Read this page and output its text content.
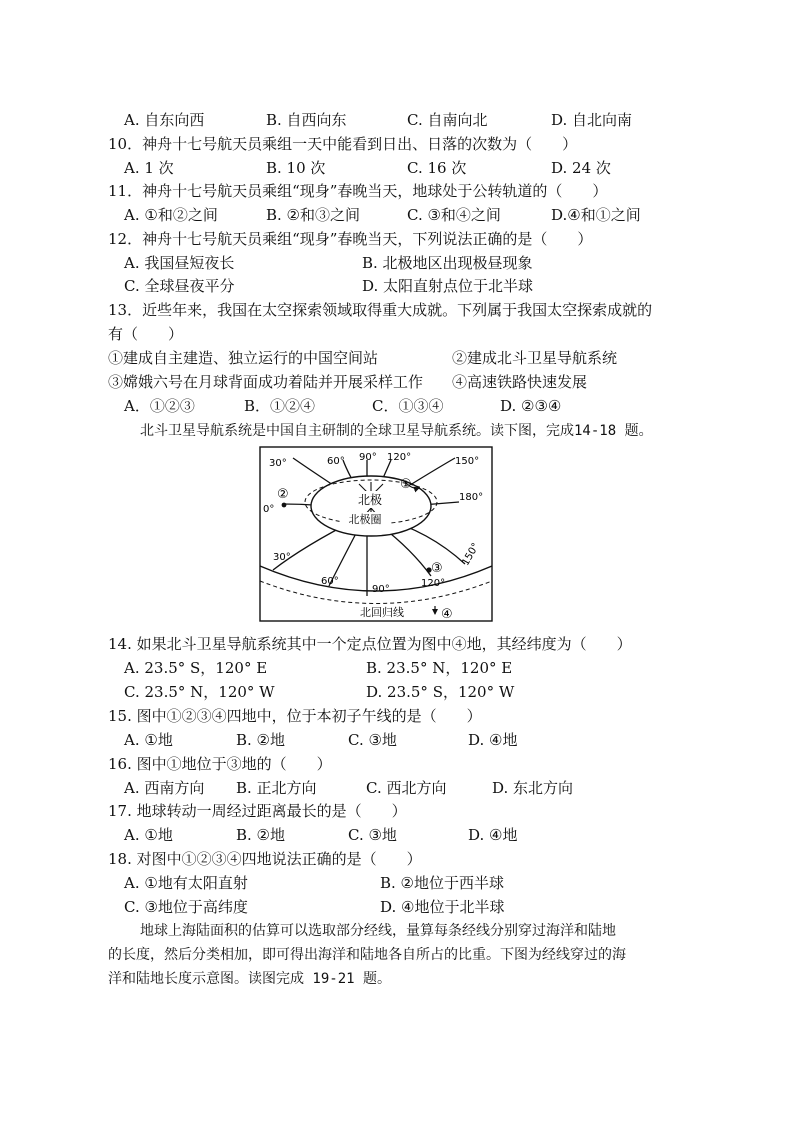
A. 自东向西	B. 自西向东	C. 自南向北	D. 自北向南
10．神舟十七号航天员乘组一天中能看到日出、日落的次数为（　　）
A. 1 次	B. 10 次	C. 16 次	D. 24 次
11．神舟十七号航天员乘组“现身”春晚当天，地球处于公转轨道的（　　）
A. ①和②之间	B. ②和③之间	C. ③和④之间	D.④和①之间
12．神舟十七号航天员乘组“现身”春晚当天，下列说法正确的是（　　）
A. 我国昼短夜长	B. 北极地区出现极昼现象
C. 全球昼夜平分	D. 太阳直射点位于北半球
13．近些年来，我国在太空探索领域取得重大成就。下列属于我国太空探索成就的
有（　　）
①建成自主建造、独立运行的中国空间站	②建成北斗卫星导航系统
③嫦娥六号在月球背面成功着陆并开展采样工作 ④高速铁路快速发展
A．①②③	B．①②④	C．①③④	D. ②③④
北斗卫星导航系统是中国自主研制的全球卫星导航系统。读下图，完成14-18 题。
北极
北极圈
北回归线
30°	60° 90° 120°	150°
180°
0°
30°
60°
90°
120°
150°
①
②
③
④
14. 如果北斗卫星导航系统其中一个定点位置为图中④地，其经纬度为（　　）
A. 23.5° S，120° E	B. 23.5° N，120° E
C. 23.5° N，120° W	D. 23.5° S，120° W
15. 图中①②③④四地中，位于本初子午线的是（　　）
A. ①地	B. ②地	C. ③地	D. ④地
16. 图中①地位于③地的（　　）
A. 西南方向 B. 正北方向	C. 西北方向	D. 东北方向
17. 地球转动一周经过距离最长的是（　　）
A. ①地	B. ②地	C. ③地	D. ④地
18. 对图中①②③④四地说法正确的是（　　）
A. ①地有太阳直射	B. ②地位于西半球
C. ③地位于高纬度	D. ④地位于北半球
地球上海陆面积的估算可以选取部分经线，量算每条经线分别穿过海洋和陆地
的长度，然后分类相加，即可得出海洋和陆地各自所占的比重。下图为经线穿过的海
洋和陆地长度示意图。读图完成 19-21 题。
